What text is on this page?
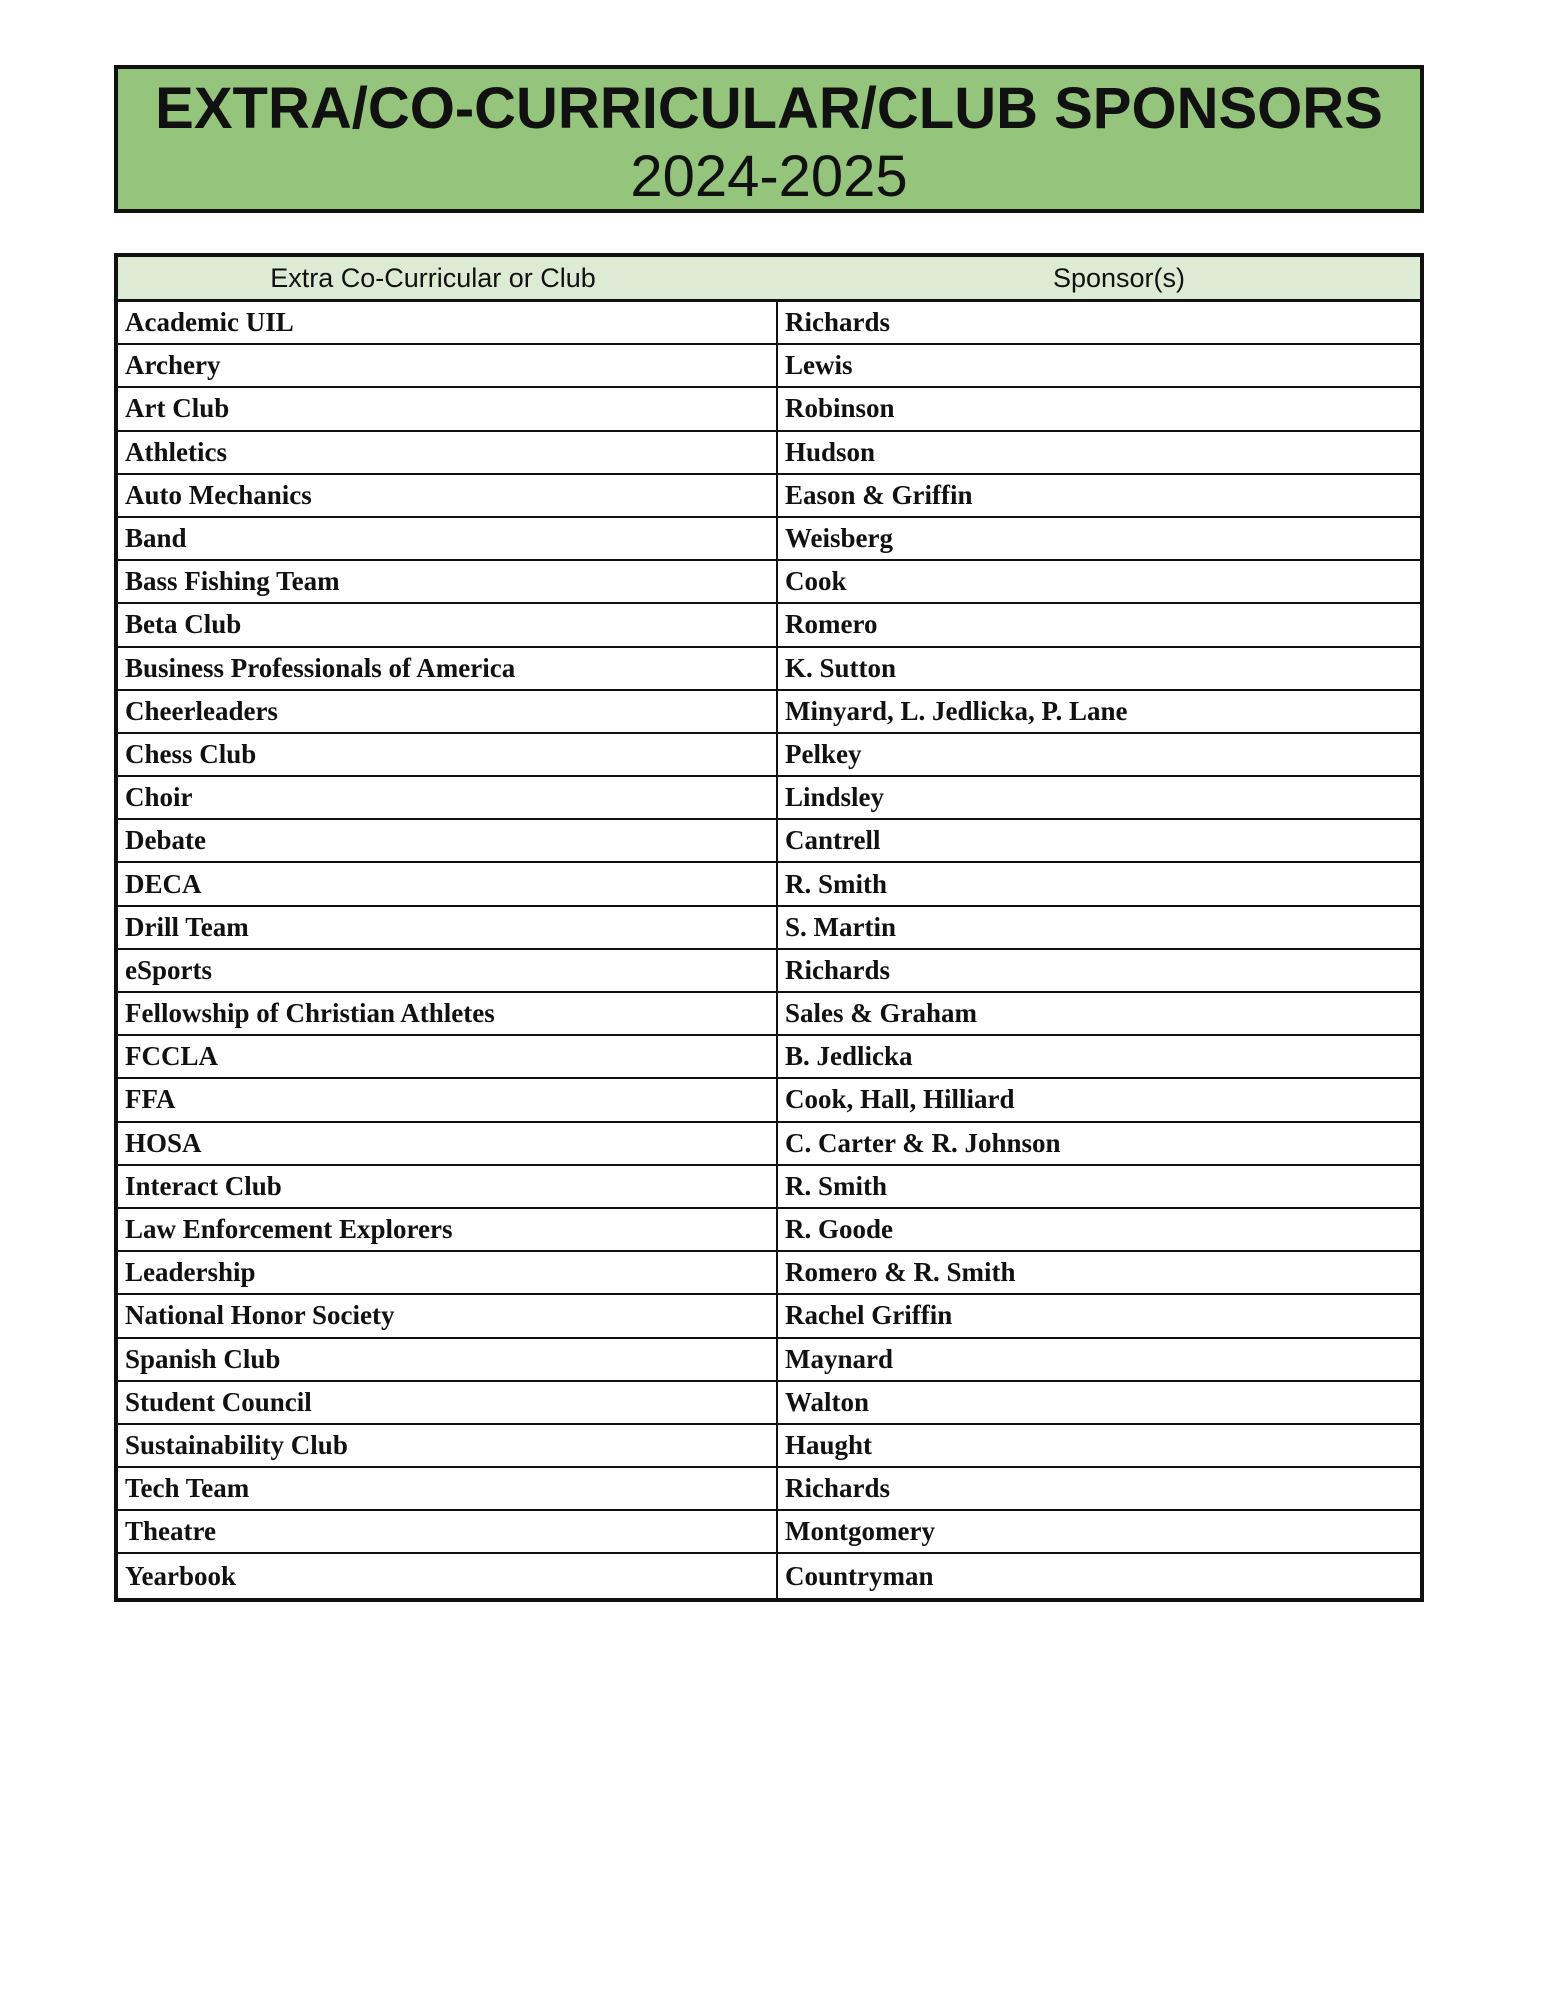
EXTRA/CO-CURRICULAR/CLUB SPONSORS
2024-2025
Extra Co-Curricular or Club	Sponsor(s)
Academic UIL	Richards
Archery	Lewis
Art Club	Robinson
Athletics	Hudson
Auto Mechanics	Eason & Griffin
Band	Weisberg
Bass Fishing Team	Cook
Beta Club	Romero
Business Professionals of America	K. Sutton
Cheerleaders	Minyard, L. Jedlicka, P. Lane
Chess Club	Pelkey
Choir	Lindsley
Debate	Cantrell
DECA	R. Smith
Drill Team	S. Martin
eSports	Richards
Fellowship of Christian Athletes	Sales & Graham
FCCLA	B. Jedlicka
FFA	Cook, Hall, Hilliard
HOSA	C. Carter & R. Johnson
Interact Club	R. Smith
Law Enforcement Explorers	R. Goode
Leadership	Romero & R. Smith
National Honor Society	Rachel Griffin
Spanish Club	Maynard
Student Council	Walton
Sustainability Club	Haught
Tech Team	Richards
Theatre	Montgomery
Yearbook	Countryman
